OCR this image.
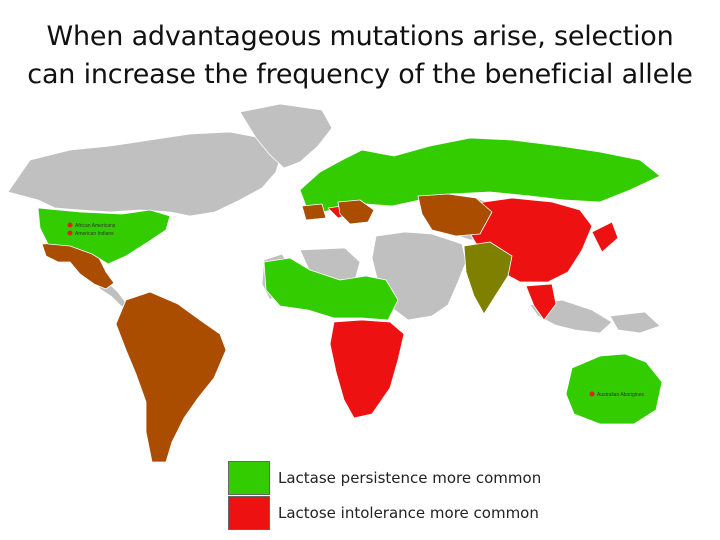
When advantageous mutations arise, selection
can increase the frequency of the beneficial allele
African Americans
American Indians
Australian Aborigines
Lactase persistence more common
Lactose intolerance more common
